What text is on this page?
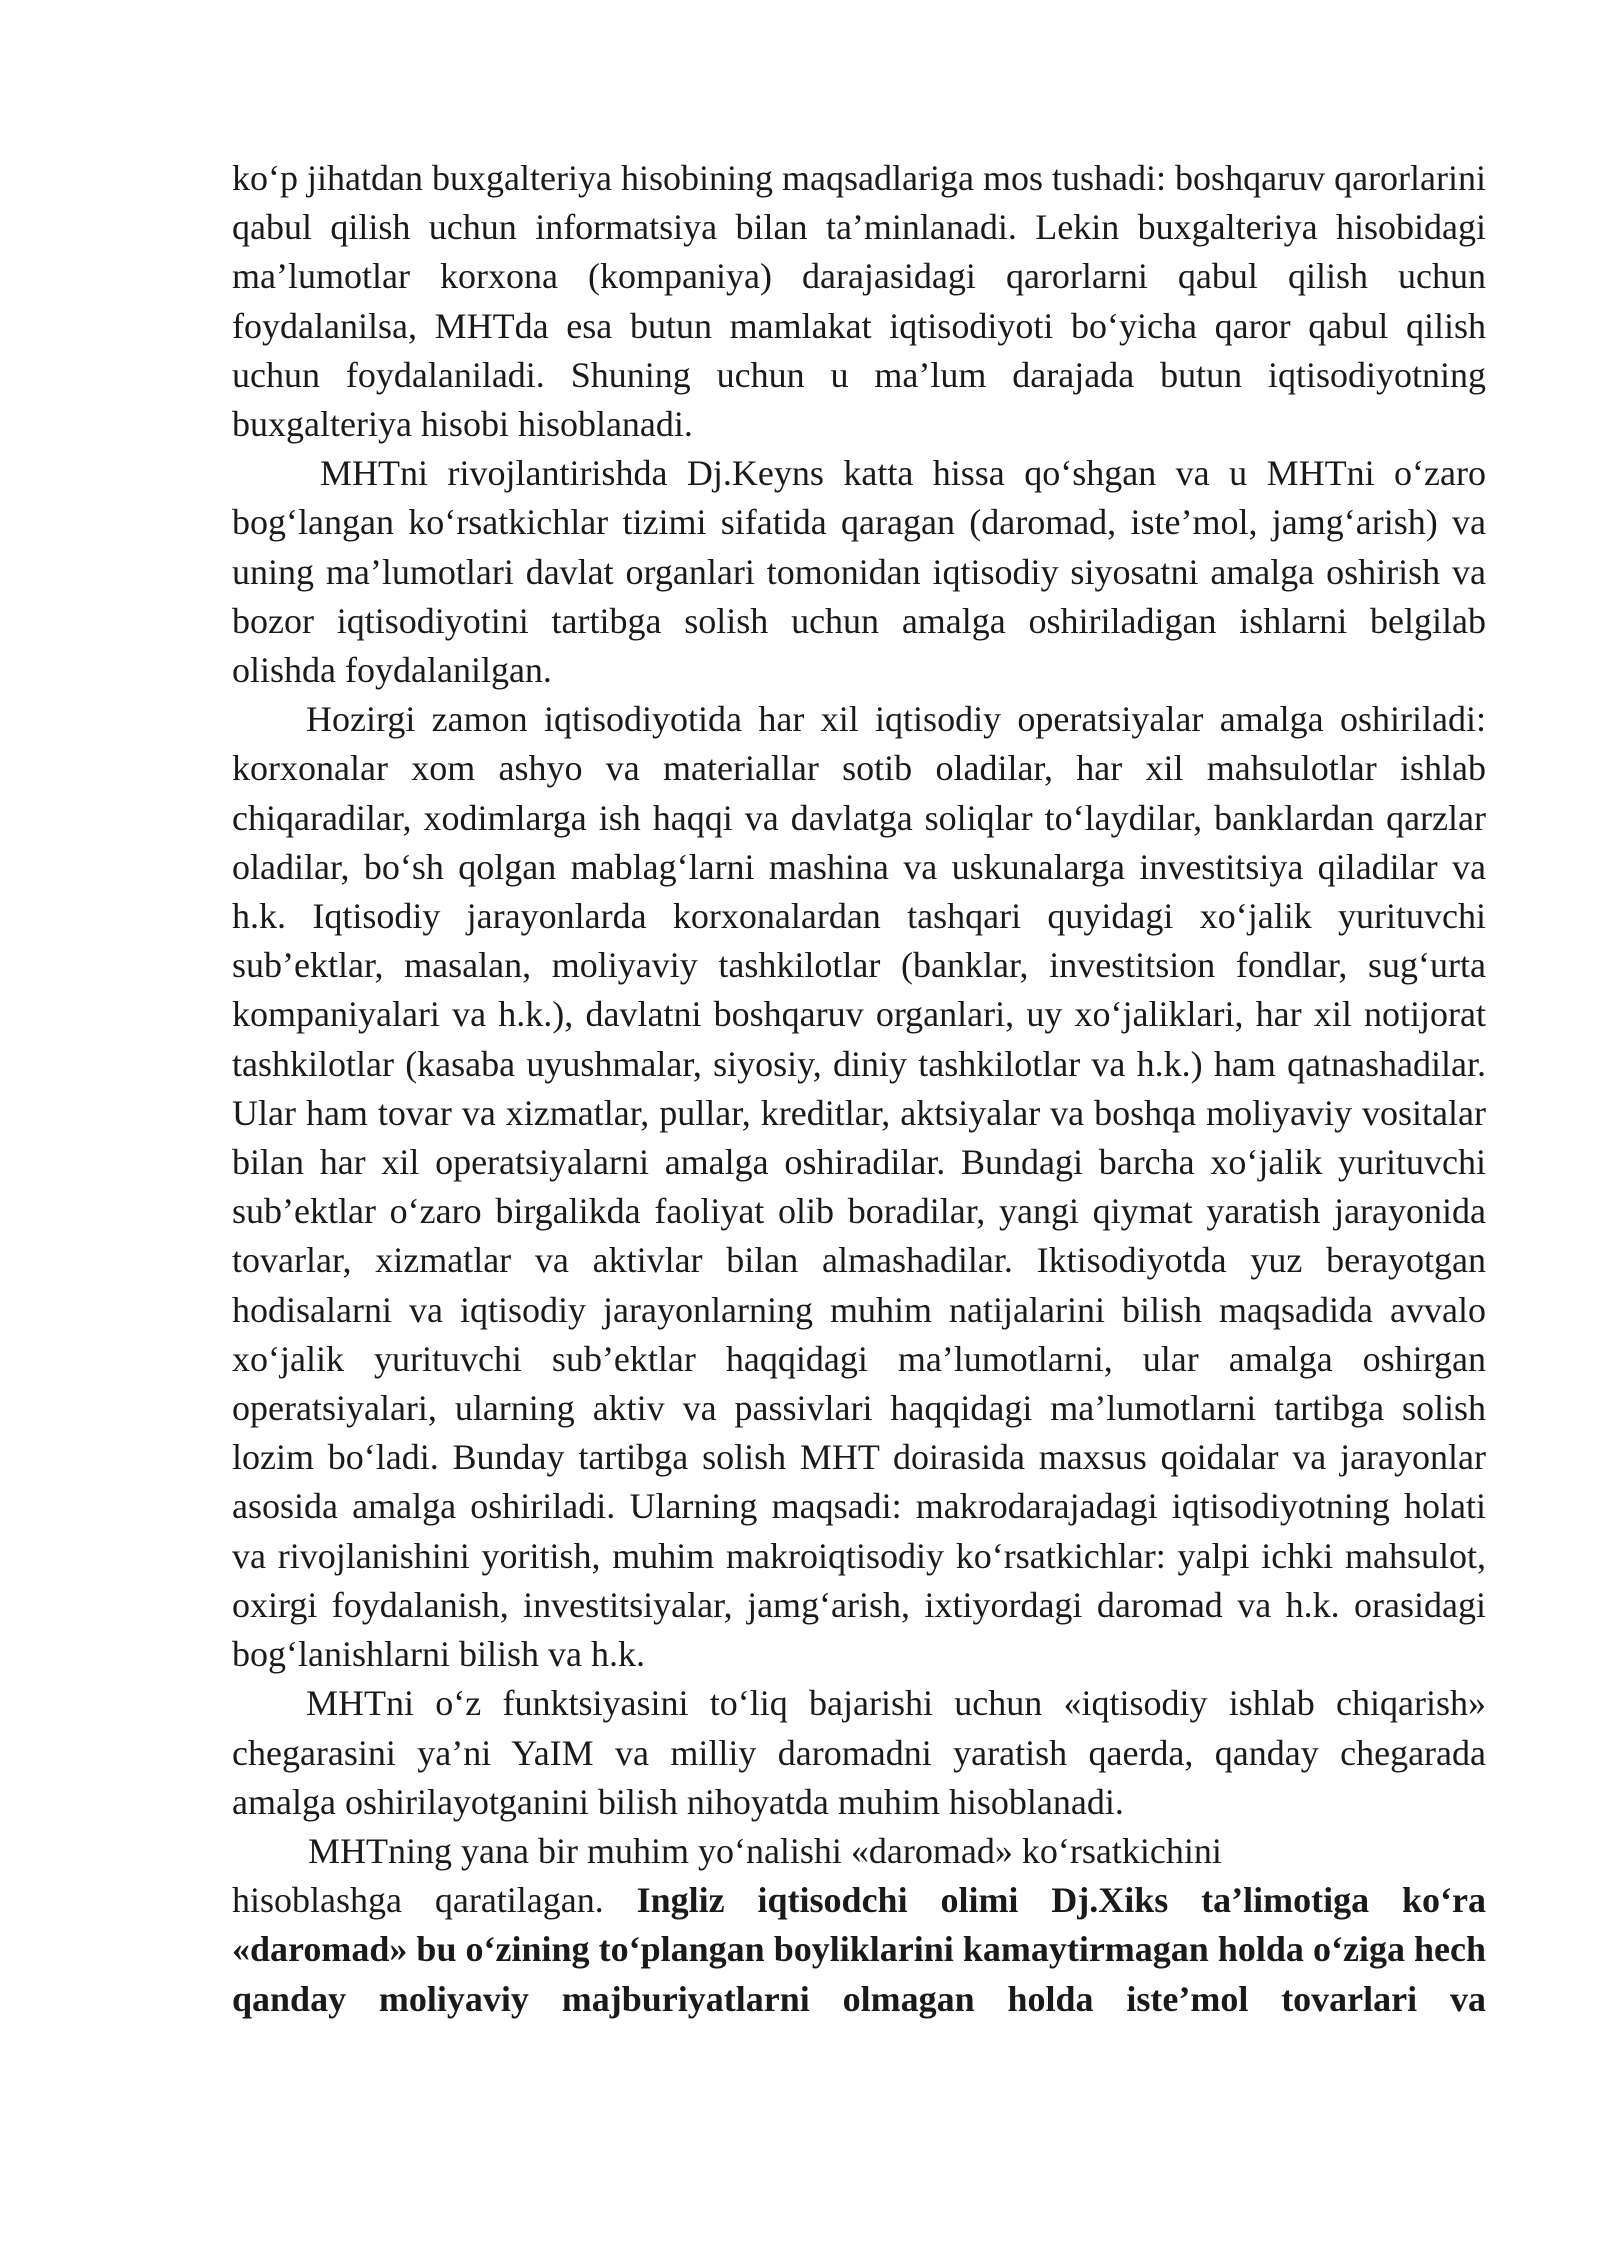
ko‘p jihatdan buxgalteriya hisobining maqsadlariga mos tushadi: boshqaruv qarorlarini qabul qilish uchun informatsiya bilan ta’minlanadi. Lekin buxgalteriya hisobidagi ma’lumotlar korxona (kompaniya) darajasidagi qarorlarni qabul qilish uchun foydalanilsa, MHTda esa butun mamlakat iqtisodiyoti bo‘yicha qaror qabul qilish uchun foydalaniladi. Shuning uchun u ma’lum darajada butun iqtisodiyotning buxgalteriya hisobi hisoblanadi.

MHTni rivojlantirishda Dj.Keyns katta hissa qo‘shgan va u MHTni o‘zaro bog‘langan ko‘rsatkichlar tizimi sifatida qaragan (daromad, iste’mol, jamg‘arish) va uning ma’lumotlari davlat organlari tomonidan iqtisodiy siyosatni amalga oshirish va bozor iqtisodiyotini tartibga solish uchun amalga oshiriladigan ishlarni belgilab olishda foydalanilgan.

Hozirgi zamon iqtisodiyotida har xil iqtisodiy operatsiyalar amalga oshiriladi: korxonalar xom ashyo va materiallar sotib oladilar, har xil mahsulotlar ishlab chiqaradilar, xodimlarga ish haqqi va davlatga soliqlar to‘laydilar, banklardan qarzlar oladilar, bo‘sh qolgan mablag‘larni mashina va uskunalarga investitsiya qiladilar va h.k. Iqtisodiy jarayonlarda korxonalardan tashqari quyidagi xo‘jalik yurituvchi sub’ektlar, masalan, moliyaviy tashkilotlar (banklar, investitsion fondlar, sug‘urta kompaniyalari va h.k.), davlatni boshqaruv organlari, uy xo‘jaliklari, har xil notijorat tashkilotlar (kasaba uyushmalar, siyosiy, diniy tashkilotlar va h.k.) ham qatnashadilar. Ular ham tovar va xizmatlar, pullar, kreditlar, aktsiyalar va boshqa moliyaviy vositalar bilan har xil operatsiyalarni amalga oshiradilar. Bundagi barcha xo‘jalik yurituvchi sub’ektlar o‘zaro birgalikda faoliyat olib boradilar, yangi qiymat yaratish jarayonida tovarlar, xizmatlar va aktivlar bilan almashadilar. Iktisodiyotda yuz berayotgan hodisalarni va iqtisodiy jarayonlarning muhim natijalarini bilish maqsadida avvalo xo‘jalik yurituvchi sub’ektlar haqqidagi ma’lumotlarni, ular amalga oshirgan operatsiyalari, ularning aktiv va passivlari haqqidagi ma’lumotlarni tartibga solish lozim bo‘ladi. Bunday tartibga solish MHT doirasida maxsus qoidalar va jarayonlar asosida amalga oshiriladi. Ularning maqsadi: makrodarajadagi iqtisodiyotning holati va rivojlanishini yoritish, muhim makroiqtisodiy ko‘rsatkichlar: yalpi ichki mahsulot, oxirgi foydalanish, investitsiyalar, jamg‘arish, ixtiyordagi daromad va h.k. orasidagi bog‘lanishlarni bilish va h.k.

MHTni o‘z funktsiyasini to‘liq bajarishi uchun «iqtisodiy ishlab chiqarish» chegarasini ya’ni YaIM va milliy daromadni yaratish qaerda, qanday chegarada amalga oshirilayotganini bilish nihoyatda muhim hisoblanadi.

MHTning yana bir muhim yo‘nalishi «daromad» ko‘rsatkichini

hisoblashga qaratilagan. Ingliz iqtisodchi olimi Dj.Xiks ta’limotiga ko‘ra «daromad» bu o‘zining to‘plangan boyliklarini kamaytirmagan holda o‘ziga hech qanday moliyaviy majburiyatlarni olmagan holda iste’mol tovarlari va
